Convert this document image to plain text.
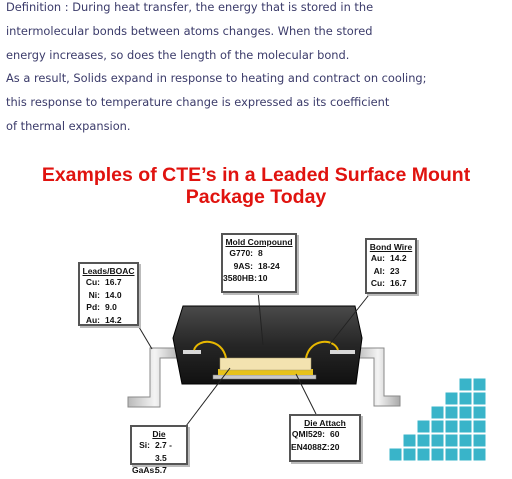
Definition : During heat transfer, the energy that is stored in the
intermolecular bonds between atoms changes. When the stored
energy increases, so does the length of the molecular bond.
As a result, Solids expand in response to heating and contract on cooling;
this response to temperature change is expressed as its coefficient
of thermal expansion.
Examples of CTE’s in a Leaded Surface Mount
Package Today
Mold Compound
G770: 8
9AS: 18-24
3580HB: 10
Bond Wire
Au: 14.2
Al: 23
Cu: 16.7
Leads/BOAC
Cu: 16.7
Ni: 14.0
Pd: 9.0
Au: 14.2
Die
Si: 2.7 - 3.5
GaAs:
5.7
Die Attach
QMI529: 60
EN4088Z: 20
